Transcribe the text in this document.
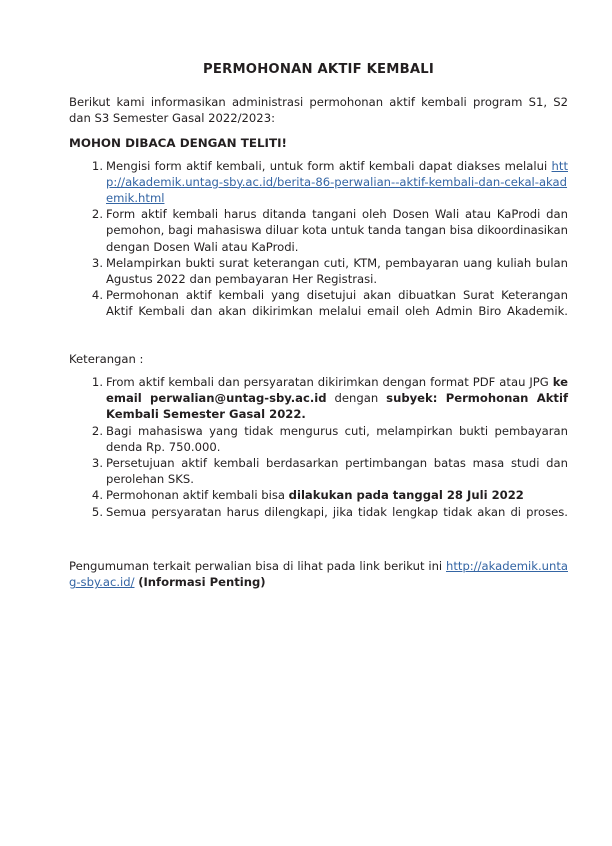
PERMOHONAN AKTIF KEMBALI

Berikut kami informasikan administrasi permohonan aktif kembali program S1, S2 dan S3 Semester Gasal 2022/2023:

MOHON DIBACA DENGAN TELITI!

Mengisi form aktif kembali, untuk form aktif kembali dapat diakses melalui http://akademik.untag-sby.ac.id/berita-86-perwalian--aktif-kembali-dan-cekal-akademik.html
Form aktif kembali harus ditanda tangani oleh Dosen Wali atau KaProdi dan pemohon, bagi mahasiswa diluar kota untuk tanda tangan bisa dikoordinasikan dengan Dosen Wali atau KaProdi.
Melampirkan bukti surat keterangan cuti, KTM, pembayaran uang kuliah bulan Agustus 2022 dan pembayaran Her Registrasi.
Permohonan aktif kembali yang disetujui akan dibuatkan Surat Keterangan Aktif Kembali dan akan dikirimkan melalui email oleh Admin Biro Akademik.

Keterangan :

From aktif kembali dan persyaratan dikirimkan dengan format PDF atau JPG ke email perwalian@untag-sby.ac.id dengan subyek: Permohonan Aktif Kembali Semester Gasal 2022.
Bagi mahasiswa yang tidak mengurus cuti, melampirkan bukti pembayaran denda Rp. 750.000.
Persetujuan aktif kembali berdasarkan pertimbangan batas masa studi dan perolehan SKS.
Permohonan aktif kembali bisa dilakukan pada tanggal 28 Juli 2022
Semua persyaratan harus dilengkapi, jika tidak lengkap tidak akan di proses.

Pengumuman terkait perwalian bisa di lihat pada link berikut ini http://akademik.untag-sby.ac.id/ (Informasi Penting)
